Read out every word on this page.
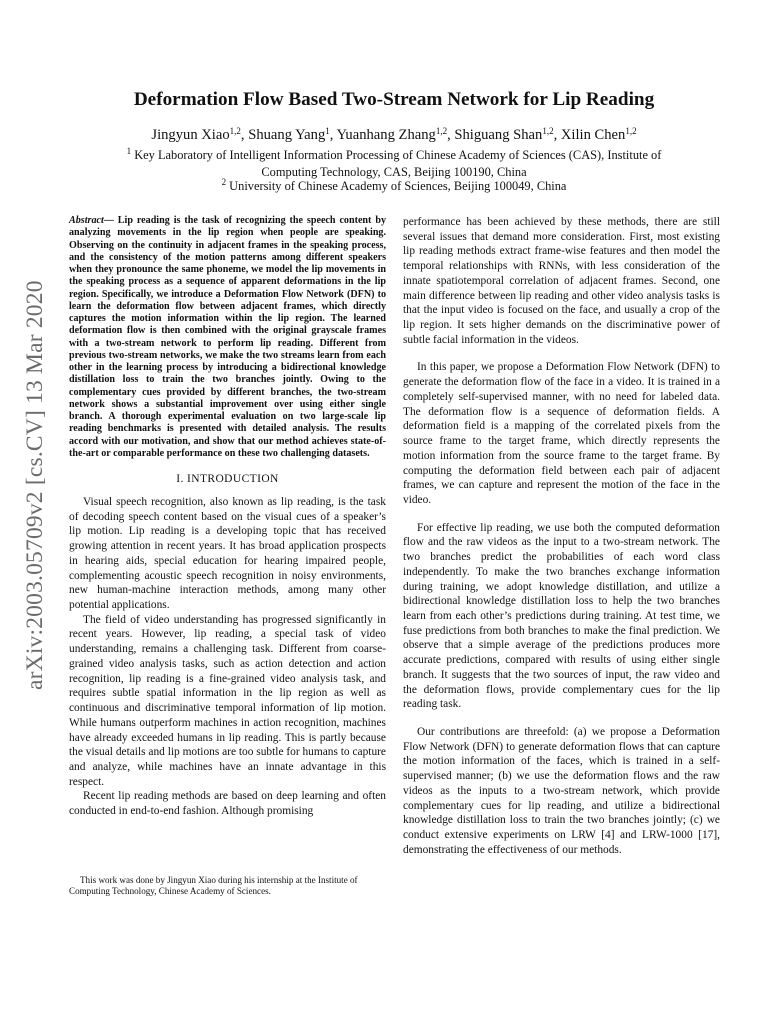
arXiv:2003.05709v2 [cs.CV] 13 Mar 2020
Deformation Flow Based Two-Stream Network for Lip Reading

Jingyun Xiao$^{1,2}$, Shuang Yang$^1$, Yuanhang Zhang$^{1,2}$, Shiguang Shan$^{1,2}$, Xilin Chen$^{1,2}$

$^1$ Key Laboratory of Intelligent Information Processing of Chinese Academy of Sciences (CAS), Institute of Computing Technology, CAS, Beijing 100190, China

$^2$ University of Chinese Academy of Sciences, Beijing 100049, China

Abstract— Lip reading is the task of recognizing the speech content by analyzing movements in the lip region when people are speaking. Observing on the continuity in adjacent frames in the speaking process, and the consistency of the motion patterns among different speakers when they pronounce the same phoneme, we model the lip movements in the speaking process as a sequence of apparent deformations in the lip region. Specifically, we introduce a Deformation Flow Network (DFN) to learn the deformation flow between adjacent frames, which directly captures the motion information within the lip region. The learned deformation flow is then combined with the original grayscale frames with a two-stream network to perform lip reading. Different from previous two-stream networks, we make the two streams learn from each other in the learning process by introducing a bidirectional knowledge distillation loss to train the two branches jointly. Owing to the complementary cues provided by different branches, the two-stream network shows a substantial improvement over using either single branch. A thorough experimental evaluation on two large-scale lip reading benchmarks is presented with detailed analysis. The results accord with our motivation, and show that our method achieves state-of-the-art or comparable performance on these two challenging datasets.

I. INTRODUCTION

Visual speech recognition, also known as lip reading, is the task of decoding speech content based on the visual cues of a speaker’s lip motion. Lip reading is a developing topic that has received growing attention in recent years. It has broad application prospects in hearing aids, special education for hearing impaired people, complementing acoustic speech recognition in noisy environments, new human-machine interaction methods, among many other potential applications.

The field of video understanding has progressed significantly in recent years. However, lip reading, a special task of video understanding, remains a challenging task. Different from coarse-grained video analysis tasks, such as action detection and action recognition, lip reading is a fine-grained video analysis task, and requires subtle spatial information in the lip region as well as continuous and discriminative temporal information of lip motion. While humans outperform machines in action recognition, machines have already exceeded humans in lip reading. This is partly because the visual details and lip motions are too subtle for humans to capture and analyze, while machines have an innate advantage in this respect.

Recent lip reading methods are based on deep learning and often conducted in end-to-end fashion. Although promising

This work was done by Jingyun Xiao during his internship at the Institute of Computing Technology, Chinese Academy of Sciences.

performance has been achieved by these methods, there are still several issues that demand more consideration. First, most existing lip reading methods extract frame-wise features and then model the temporal relationships with RNNs, with less consideration of the innate spatiotemporal correlation of adjacent frames. Second, one main difference between lip reading and other video analysis tasks is that the input video is focused on the face, and usually a crop of the lip region. It sets higher demands on the discriminative power of subtle facial information in the videos.

In this paper, we propose a Deformation Flow Network (DFN) to generate the deformation flow of the face in a video. It is trained in a completely self-supervised manner, with no need for labeled data. The deformation flow is a sequence of deformation fields. A deformation field is a mapping of the correlated pixels from the source frame to the target frame, which directly represents the motion information from the source frame to the target frame. By computing the deformation field between each pair of adjacent frames, we can capture and represent the motion of the face in the video.

For effective lip reading, we use both the computed deformation flow and the raw videos as the input to a two-stream network. The two branches predict the probabilities of each word class independently. To make the two branches exchange information during training, we adopt knowledge distillation, and utilize a bidirectional knowledge distillation loss to help the two branches learn from each other’s predictions during training. At test time, we fuse predictions from both branches to make the final prediction. We observe that a simple average of the predictions produces more accurate predictions, compared with results of using either single branch. It suggests that the two sources of input, the raw video and the deformation flows, provide complementary cues for the lip reading task.

Our contributions are threefold: (a) we propose a Deformation Flow Network (DFN) to generate deformation flows that can capture the motion information of the faces, which is trained in a self-supervised manner; (b) we use the deformation flows and the raw videos as the inputs to a two-stream network, which provide complementary cues for lip reading, and utilize a bidirectional knowledge distillation loss to train the two branches jointly; (c) we conduct extensive experiments on LRW [4] and LRW-1000 [17], demonstrating the effectiveness of our methods.
